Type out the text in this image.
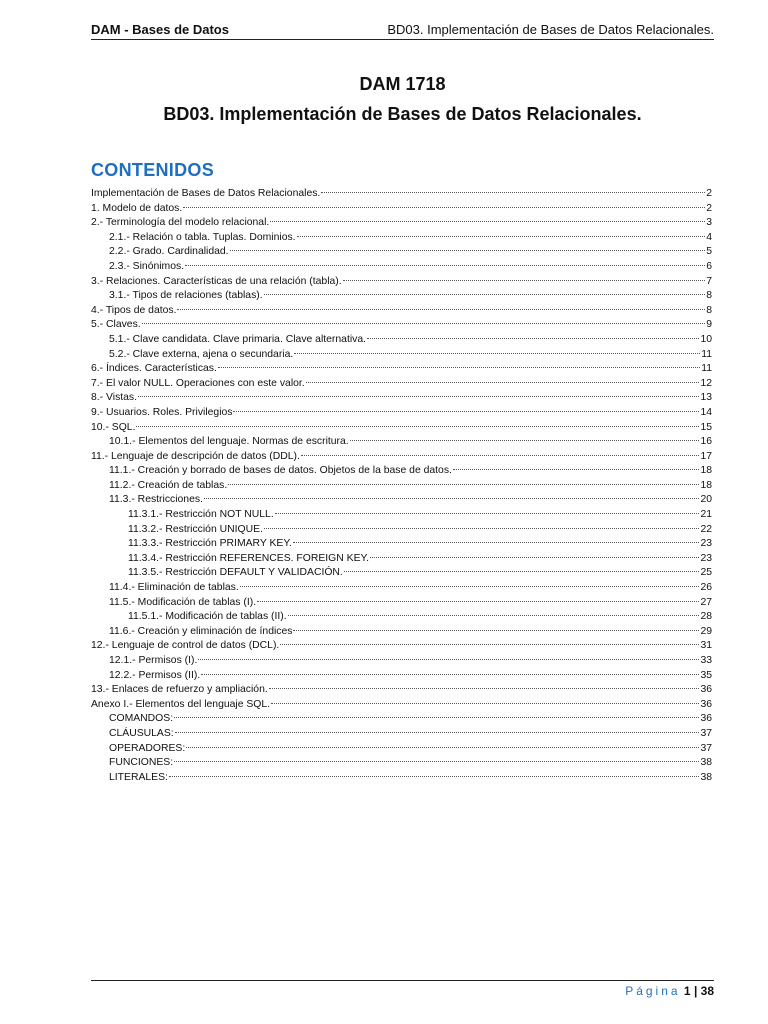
DAM - Bases de Datos	BD03. Implementación de Bases de Datos Relacionales.
DAM 1718
BD03. Implementación de Bases de Datos Relacionales.
CONTENIDOS
Implementación de Bases de Datos Relacionales.	2
1. Modelo de datos.	2
2.- Terminología del modelo relacional.	3
2.1.- Relación o tabla. Tuplas. Dominios.	4
2.2.- Grado. Cardinalidad.	5
2.3.- Sinónimos.	6
3.- Relaciones. Características de una relación (tabla).	7
3.1.- Tipos de relaciones (tablas).	8
4.- Tipos de datos.	8
5.- Claves.	9
5.1.- Clave candidata. Clave primaria. Clave alternativa.	10
5.2.- Clave externa, ajena o secundaria.	11
6.- Índices. Características.	11
7.- El valor NULL. Operaciones con este valor.	12
8.- Vistas.	13
9.- Usuarios. Roles. Privilegios	14
10.- SQL.	15
10.1.- Elementos del lenguaje. Normas de escritura.	16
11.- Lenguaje de descripción de datos (DDL).	17
11.1.- Creación y borrado de bases de datos. Objetos de la base de datos.	18
11.2.- Creación de tablas.	18
11.3.- Restricciones.	20
11.3.1.- Restricción NOT NULL.	21
11.3.2.- Restricción UNIQUE.	22
11.3.3.- Restricción PRIMARY KEY.	23
11.3.4.- Restricción REFERENCES. FOREIGN KEY.	23
11.3.5.- Restricción DEFAULT Y VALIDACIÓN.	25
11.4.- Eliminación de tablas.	26
11.5.- Modificación de tablas (I).	27
11.5.1.- Modificación de tablas (II).	28
11.6.- Creación y eliminación de índices	29
12.- Lenguaje de control de datos (DCL).	31
12.1.- Permisos (I).	33
12.2.- Permisos (II).	35
13.- Enlaces de refuerzo y ampliación.	36
Anexo I.- Elementos del lenguaje SQL.	36
COMANDOS:	36
CLÁUSULAS:	37
OPERADORES:	37
FUNCIONES:	38
LITERALES:	38
Página 1 | 38
